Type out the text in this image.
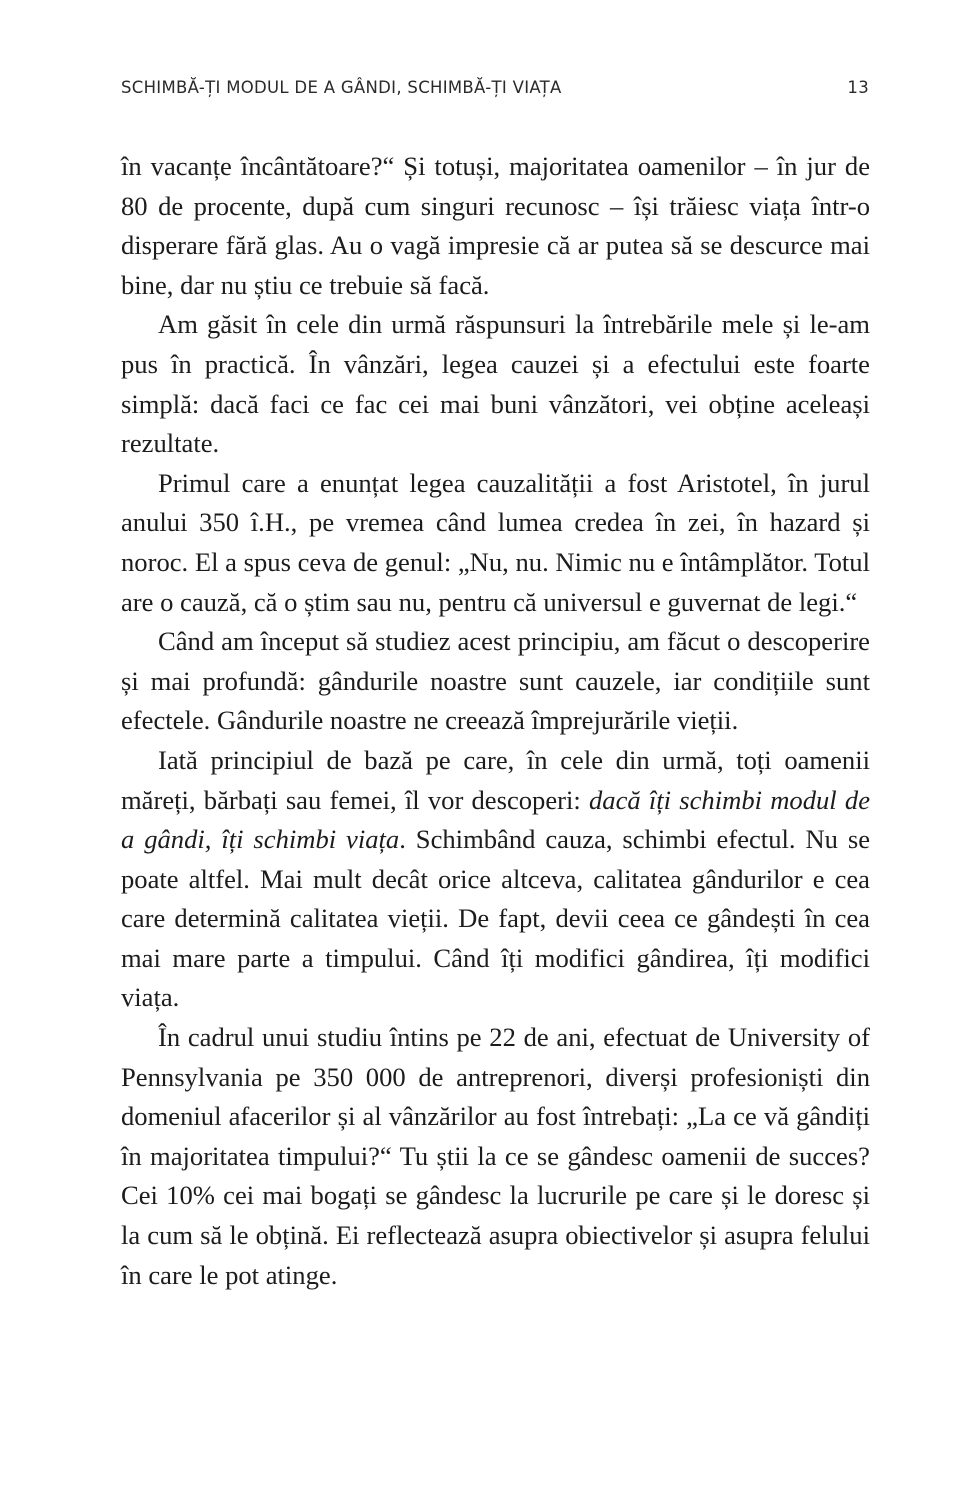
SCHIMBĂ-ȚI MODUL DE A GÂNDI, SCHIMBĂ-ȚI VIAȚA	13

în vacanțe încântătoare?“ Și totuși, majoritatea oamenilor – în jur de 80 de procente, după cum singuri recunosc – își trăiesc viața într-o disperare fără glas. Au o vagă impresie că ar putea să se descurce mai bine, dar nu știu ce trebuie să facă.

Am găsit în cele din urmă răspunsuri la întrebările mele și le-am pus în practică. În vânzări, legea cauzei și a efectului este foarte simplă: dacă faci ce fac cei mai buni vânzători, vei obține aceleași rezultate.

Primul care a enunțat legea cauzalității a fost Aristotel, în jurul anului 350 î.H., pe vremea când lumea credea în zei, în hazard și noroc. El a spus ceva de genul: „Nu, nu. Nimic nu e întâmplător. Totul are o cauză, că o știm sau nu, pentru că universul e guvernat de legi.“

Când am început să studiez acest principiu, am făcut o descoperire și mai profundă: gândurile noastre sunt cauzele, iar condițiile sunt efectele. Gândurile noastre ne creează împrejurările vieții.

Iată principiul de bază pe care, în cele din urmă, toți oamenii măreți, bărbați sau femei, îl vor descoperi: dacă îți schimbi modul de a gândi, îți schimbi viața. Schimbând cauza, schimbi efectul. Nu se poate altfel. Mai mult decât orice altceva, calitatea gândurilor e cea care determină calitatea vieții. De fapt, devii ceea ce gândești în cea mai mare parte a timpului. Când îți modifici gândirea, îți modifici viața.

În cadrul unui studiu întins pe 22 de ani, efectuat de University of Pennsylvania pe 350 000 de antreprenori, diverși profesioniști din domeniul afacerilor și al vânzărilor au fost întrebați: „La ce vă gândiți în majoritatea timpului?“ Tu știi la ce se gândesc oamenii de succes? Cei 10% cei mai bogați se gândesc la lucrurile pe care și le doresc și la cum să le obțină. Ei reflectează asupra obiectivelor și asupra felului în care le pot atinge.
